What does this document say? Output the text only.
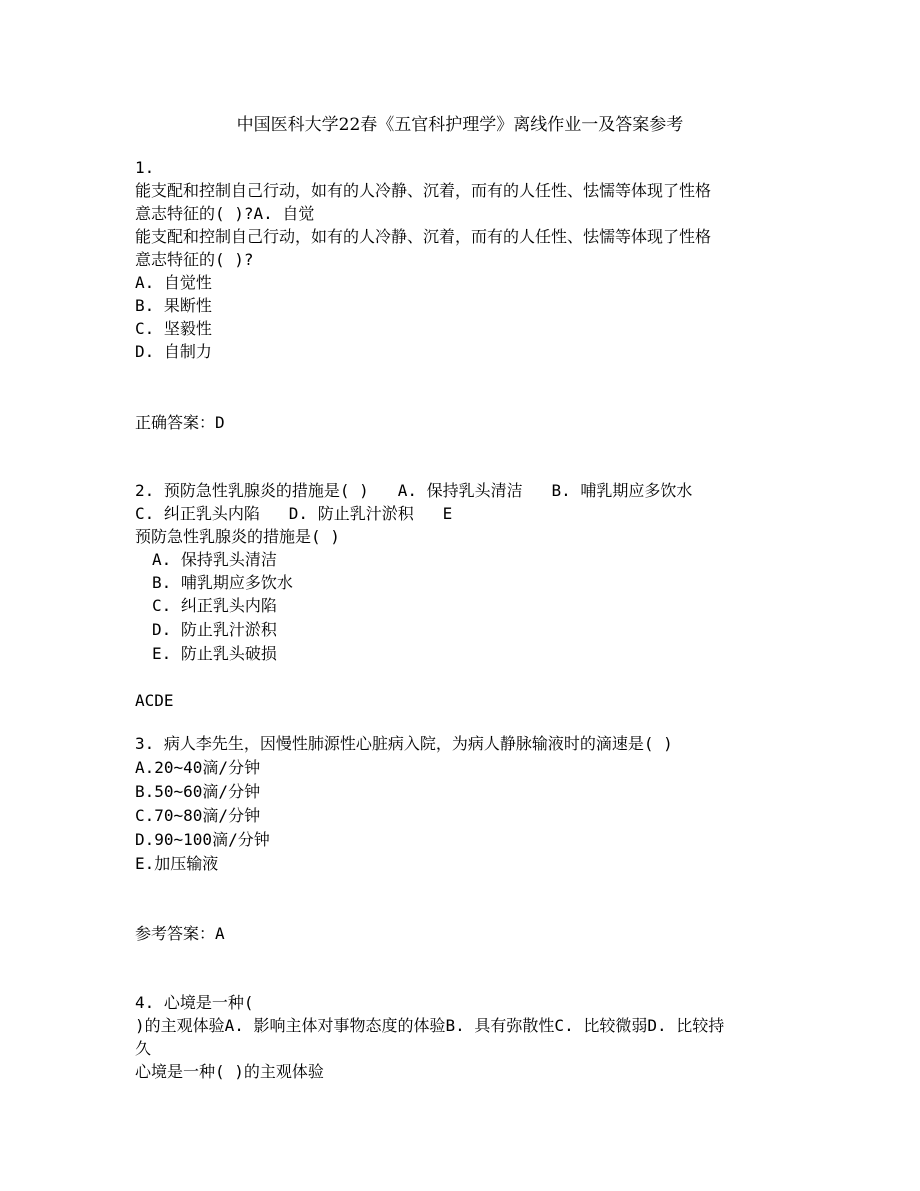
中国医科大学22春《五官科护理学》离线作业一及答案参考
1.
能支配和控制自己行动，如有的人冷静、沉着，而有的人任性、怯懦等体现了性格
意志特征的( )?A. 自觉
能支配和控制自己行动，如有的人冷静、沉着，而有的人任性、怯懦等体现了性格
意志特征的( )?
A. 自觉性
B. 果断性
C. 坚毅性
D. 自制力
正确答案：D
2. 预防急性乳腺炎的措施是( )   A. 保持乳头清洁   B. 哺乳期应多饮水
C. 纠正乳头内陷   D. 防止乳汁淤积   E
预防急性乳腺炎的措施是( )
A. 保持乳头清洁
B. 哺乳期应多饮水
C. 纠正乳头内陷
D. 防止乳汁淤积
E. 防止乳头破损
ACDE
3. 病人李先生，因慢性肺源性心脏病入院，为病人静脉输液时的滴速是( )
A.20~40滴/分钟
B.50~60滴/分钟
C.70~80滴/分钟
D.90~100滴/分钟
E.加压输液
参考答案：A
4. 心境是一种(
)的主观体验A. 影响主体对事物态度的体验B. 具有弥散性C. 比较微弱D. 比较持
久
心境是一种( )的主观体验
